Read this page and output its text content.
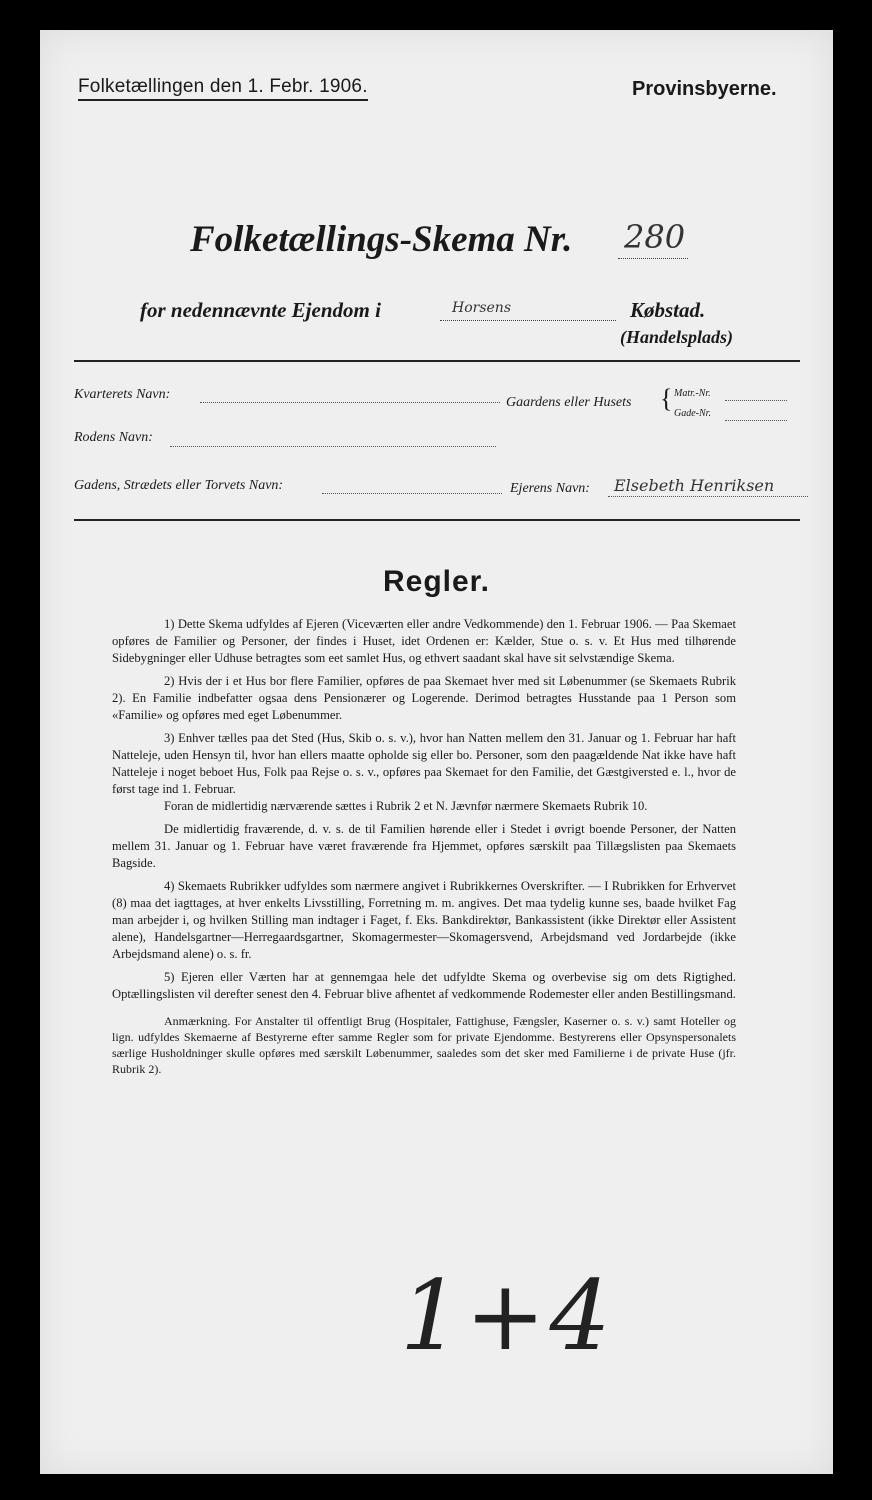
Folketællingen den 1. Febr. 1906.	Provinsbyerne.
Folketællings-Skema Nr. 280
for nedennævnte Ejendom i	Horsens	Købstad.
(Handelsplads)
Kvarterets Navn:
Gaardens eller Husets { Matr.-Nr.
Gade-Nr.
Rodens Navn:
Gadens, Strædets eller Torvets Navn:	Ejerens Navn: Elsebeth Henriksen
Regler.

1) Dette Skema udfyldes af Ejeren (Viceværten eller andre Vedkommende) den 1. Februar 1906. — Paa Skemaet opføres de Familier og Personer, der findes i Huset, idet Ordenen er: Kælder, Stue o. s. v. Et Hus med tilhørende Sidebygninger eller Udhuse betragtes som eet samlet Hus, og ethvert saadant skal have sit selvstændige Skema.

2) Hvis der i et Hus bor flere Familier, opføres de paa Skemaet hver med sit Løbenummer (se Skemaets Rubrik 2). En Familie indbefatter ogsaa dens Pensionærer og Logerende. Derimod betragtes Husstande paa 1 Person som «Familie» og opføres med eget Løbenummer.

3) Enhver tælles paa det Sted (Hus, Skib o. s. v.), hvor han Natten mellem den 31. Januar og 1. Februar har haft Natteleje, uden Hensyn til, hvor han ellers maatte opholde sig eller bo. Personer, som den paagældende Nat ikke have haft Natteleje i noget beboet Hus, Folk paa Rejse o. s. v., opføres paa Skemaet for den Familie, det Gæstgiversted e. l., hvor de først tage ind 1. Februar.

Foran de midlertidig nærværende sættes i Rubrik 2 et N. Jævnfør nærmere Skemaets Rubrik 10.

De midlertidig fraværende, d. v. s. de til Familien hørende eller i Stedet i øvrigt boende Personer, der Natten mellem 31. Januar og 1. Februar have været fraværende fra Hjemmet, opføres særskilt paa Tillægslisten paa Skemaets Bagside.

4) Skemaets Rubrikker udfyldes som nærmere angivet i Rubrikkernes Overskrifter. — I Rubrikken for Erhvervet (8) maa det iagttages, at hver enkelts Livsstilling, Forretning m. m. angives. Det maa tydelig kunne ses, baade hvilket Fag man arbejder i, og hvilken Stilling man indtager i Faget, f. Eks. Bankdirektør, Bankassistent (ikke Direktør eller Assistent alene), Handelsgartner—Herregaardsgartner, Skomagermester—Skomagersvend, Arbejdsmand ved Jordarbejde (ikke Arbejdsmand alene) o. s. fr.

5) Ejeren eller Værten har at gennemgaa hele det udfyldte Skema og overbevise sig om dets Rigtighed. Optællingslisten vil derefter senest den 4. Februar blive afhentet af vedkommende Rodemester eller anden Bestillingsmand.

Anmærkning. For Anstalter til offentligt Brug (Hospitaler, Fattighuse, Fængsler, Kaserner o. s. v.) samt Hoteller og lign. udfyldes Skemaerne af Bestyrerne efter samme Regler som for private Ejendomme. Bestyrerens eller Opsynspersonalets særlige Husholdninger skulle opføres med særskilt Løbenummer, saaledes som det sker med Familierne i de private Huse (jfr. Rubrik 2).

1+4
